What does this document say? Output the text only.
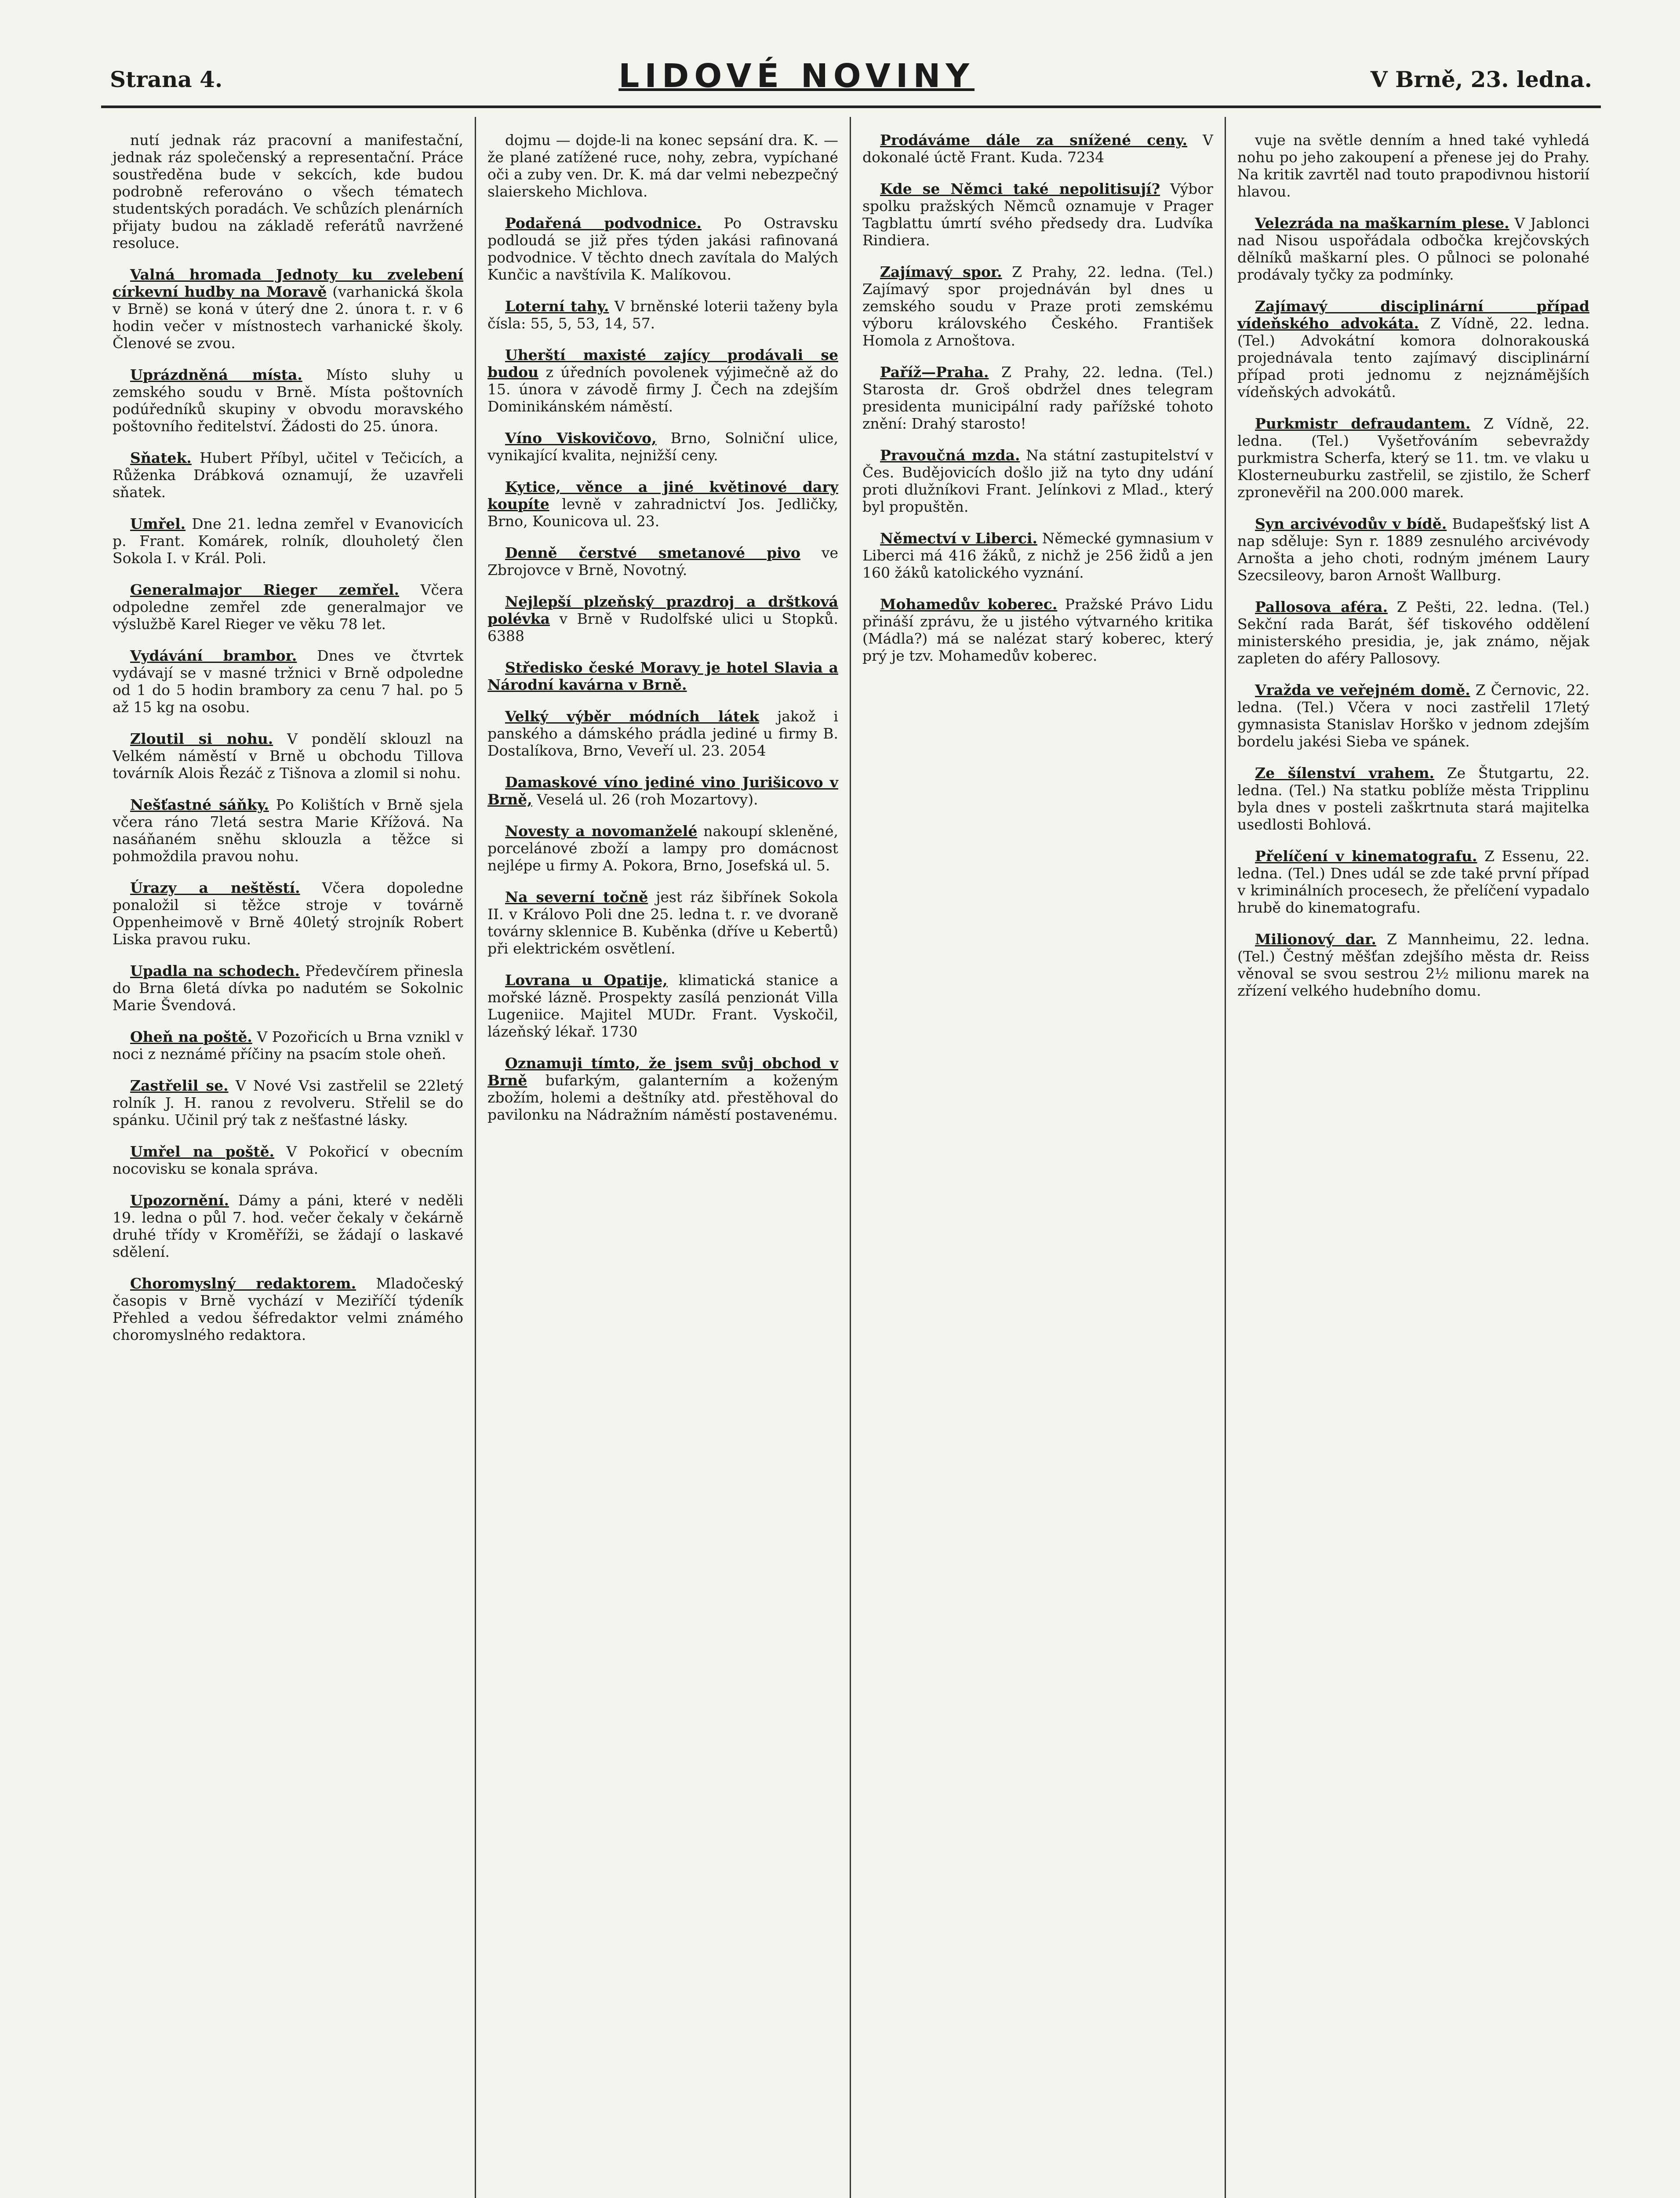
Strana 4.	LIDOVÉ NOVINY	V Brně, 23. ledna.

nutí jednak ráz pracovní a manifestační, jednak ráz společenský a representační. Práce soustředěna bude v sekcích, kde budou podrobně referováno o všech tématech studentských poradách. Ve schůzích plenárních přijaty budou na základě referátů navržené resoluce.

Valná hromada Jednoty ku zvelebení církevní hudby na Moravě (varhanická škola v Brně) se koná v úterý dne 2. února t. r. v 6 hodin večer v místnostech varhanické školy. Členové se zvou.

Uprázdněná místa. Místo sluhy u zemského soudu v Brně. Místa poštovních podúředníků skupiny v obvodu moravského poštovního ředitelství. Žádosti do 25. února.

Sňatek. Hubert Příbyl, učitel v Tečicích, a Růženka Drábková oznamují, že uzavřeli sňatek.

Umřel. Dne 21. ledna zemřel v Evanovicích p. Frant. Komárek, rolník, dlouholetý člen Sokola I. v Král. Poli.

Generalmajor Rieger zemřel. Včera odpoledne zemřel zde generalmajor ve výslužbě Karel Rieger ve věku 78 let.

Vydávání brambor. Dnes ve čtvrtek vydávají se v masné tržnici v Brně odpoledne od 1 do 5 hodin brambory za cenu 7 hal. po 5 až 15 kg na osobu.

Zloutil si nohu. V pondělí sklouzl na Velkém náměstí v Brně u obchodu Tillova továrník Alois Řezáč z Tišnova a zlomil si nohu.

Nešťastné sáňky. Po Kolištích v Brně sjela včera ráno 7letá sestra Marie Křížová. Na nasáňaném sněhu sklouzla a těžce si pohmoždila pravou nohu.

Úrazy a neštěstí. Včera dopoledne ponaložil si těžce stroje v továrně Oppenheimově v Brně 40letý strojník Robert Liska pravou ruku.

Upadla na schodech. Předevčírem přinesla do Brna 6letá dívka po nadutém se Sokolnic Marie Švendová.

Oheň na poště. V Pozořicích u Brna vznikl v noci z neznámé příčiny na psacím stole oheň.

Zastřelil se. V Nové Vsi zastřelil se 22letý rolník J. H. ranou z revolveru. Střelil se do spánku. Učinil prý tak z nešťastné lásky.

Umřel na poště. V Pokořicí v obecním nocovisku se konala správa.

Upozornění. Dámy a páni, které v neděli 19. ledna o půl 7. hod. večer čekaly v čekárně druhé třídy v Kroměříži, se žádají o laskavé sdělení.

Choromyslný redaktorem. Mladočeský časopis v Brně vychází v Meziříčí týdeník Přehled a vedou šéfredaktor velmi známého choromyslného redaktora.

dojmu — dojde-li na konec sepsání dra. K. — že plané zatížené ruce, nohy, zebra, vypíchané oči a zuby ven. Dr. K. má dar velmi nebezpečný slaierskeho Michlova.

Podařená podvodnice. Po Ostravsku podloudá se již přes týden jakási rafinovaná podvodnice. V těchto dnech zavítala do Malých Kunčic a navštívila K. Malíkovou.

Loterní tahy. V brněnské loterii taženy byla čísla: 55, 5, 53, 14, 57.

Uherští maxisté zajícy prodávali se budou z úředních povolenek výjimečně až do 15. února v závodě firmy J. Čech na zdejším Dominikánském náměstí.

Víno Viskovičovo, Brno, Solniční ulice, vynikající kvalita, nejnižší ceny.

Kytice, věnce a jiné květinové dary koupíte levně v zahradnictví Jos. Jedličky, Brno, Kounicova ul. 23.

Denně čerstvé smetanové pivo ve Zbrojovce v Brně, Novotný.

Nejlepší plzeňský prazdroj a drštková polévka v Brně v Rudolfské ulici u Stopků. 6388

Středisko české Moravy je hotel Slavia a Národní kavárna v Brně.

Velký výběr módních látek jakož i panského a dámského prádla jediné u firmy B. Dostalíkova, Brno, Veveří ul. 23. 2054

Damaskové víno jediné vino Jurišicovo v Brně, Veselá ul. 26 (roh Mozartovy).

Novesty a novomanželé nakoupí skleněné, porcelánové zboží a lampy pro domácnost nejlépe u firmy A. Pokora, Brno, Josefská ul. 5.

Na severní točně jest ráz šibřínek Sokola II. v Královo Poli dne 25. ledna t. r. ve dvoraně továrny sklennice B. Kuběnka (dříve u Kebertů) při elektrickém osvětlení.

Lovrana u Opatije, klimatická stanice a mořské lázně. Prospekty zasílá penzionát Villa Lugeniice. Majitel MUDr. Frant. Vyskočil, lázeňský lékař. 1730

Oznamuji tímto, že jsem svůj obchod v Brně bufarkým, galanterním a koženým zbožím, holemi a deštníky atd. přestěhoval do pavilonku na Nádražním náměstí postavenému.

Prodáváme dále za snížené ceny. V dokonalé úctě Frant. Kuda. 7234

Kde se Němci také nepolitisují? Výbor spolku pražských Němců oznamuje v Prager Tagblattu úmrtí svého předsedy dra. Ludvíka Rindiera.

Zajímavý spor. Z Prahy, 22. ledna. (Tel.) Zajímavý spor projednáván byl dnes u zemského soudu v Praze proti zemskému výboru královského Českého. František Homola z Arnoštova.

Paříž—Praha. Z Prahy, 22. ledna. (Tel.) Starosta dr. Groš obdržel dnes telegram presidenta municipální rady pařížské tohoto znění: Drahý starosto!

Pravoučná mzda. Na státní zastupitelství v Čes. Budějovicích došlo již na tyto dny udání proti dlužníkovi Frant. Jelínkovi z Mlad., který byl propuštěn.

Němectví v Liberci. Německé gymnasium v Liberci má 416 žáků, z nichž je 256 židů a jen 160 žáků katolického vyznání.

Mohamedův koberec. Pražské Právo Lidu přináší zprávu, že u jistého výtvarného kritika (Mádla?) má se nalézat starý koberec, který prý je tzv. Mohamedův koberec.

vuje na světle denním a hned také vyhledá nohu po jeho zakoupení a přenese jej do Prahy. Na kritik zavrtěl nad touto prapodivnou historií hlavou.

Velezráda na maškarním plese. V Jablonci nad Nisou uspořádala odbočka krejčovských dělníků maškarní ples. O půlnoci se polonahé prodávaly tyčky za podmínky.

Zajímavý disciplinární případ vídeňského advokáta. Z Vídně, 22. ledna. (Tel.) Advokátní komora dolnorakouská projednávala tento zajímavý disciplinární případ proti jednomu z nejznámějších vídeňských advokátů.

Purkmistr defraudantem. Z Vídně, 22. ledna. (Tel.) Vyšetřováním sebevraždy purkmistra Scherfa, který se 11. tm. ve vlaku u Klosterneuburku zastřelil, se zjistilo, že Scherf zpronevěřil na 200.000 marek.

Syn arcivévodův v bídě. Budapešťský list A nap sděluje: Syn r. 1889 zesnulého arcivévody Arnošta a jeho choti, rodným jménem Laury Szecsileovy, baron Arnošt Wallburg.

Pallosova aféra. Z Pešti, 22. ledna. (Tel.) Sekční rada Barát, šéf tiskového oddělení ministerského presidia, je, jak známo, nějak zapleten do aféry Pallosovy.

Vražda ve veřejném domě. Z Černovic, 22. ledna. (Tel.) Včera v noci zastřelil 17letý gymnasista Stanislav Horško v jednom zdejším bordelu jakési Sieba ve spánek.

Ze šílenství vrahem. Ze Štutgartu, 22. ledna. (Tel.) Na statku poblíže města Tripplinu byla dnes v posteli zaškrtnuta stará majitelka usedlosti Bohlová.

Přelíčení v kinematografu. Z Essenu, 22. ledna. (Tel.) Dnes udál se zde také první případ v kriminálních procesech, že přelíčení vypadalo hrubě do kinematografu.

Milionový dar. Z Mannheimu, 22. ledna. (Tel.) Čestný měšťan zdejšího města dr. Reiss věnoval se svou sestrou 2½ milionu marek na zřízení velkého hudebního domu.
